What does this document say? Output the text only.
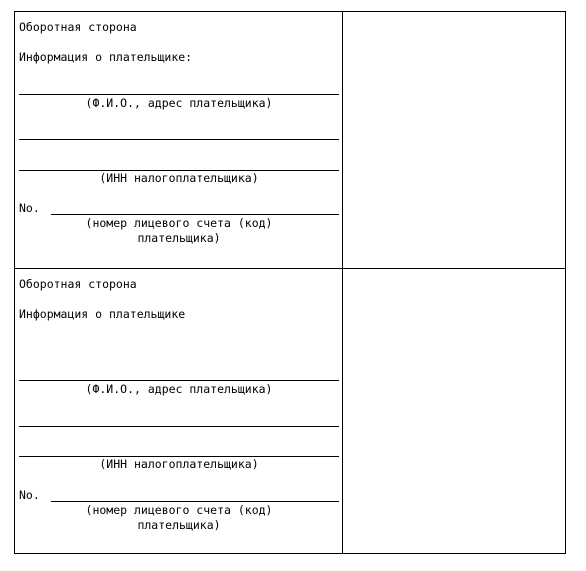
Оборотная сторона
Информация о плательщике:
(Ф.И.О., адрес плательщика)
(ИНН налогоплательщика)
No.
(номер лицевого счета (код)
плательщика)
Оборотная сторона
Информация о плательщике
(Ф.И.О., адрес плательщика)
(ИНН налогоплательщика)
No.
(номер лицевого счета (код)
плательщика)
